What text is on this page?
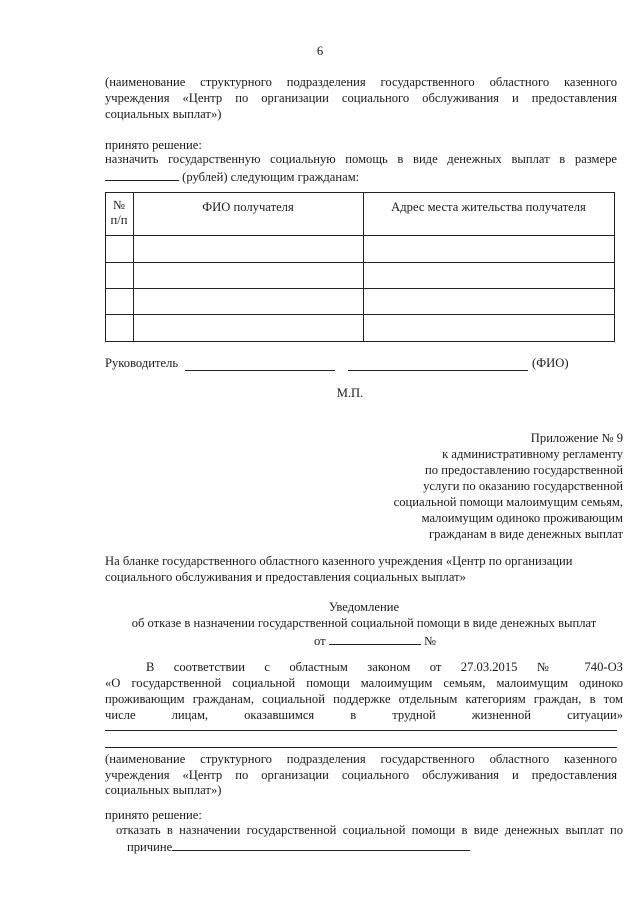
6
(наименование структурного подразделения государственного областного казенного
учреждения «Центр по организации социального обслуживания и предоставления
социальных выплат»)
принято решение:
назначить государственную социальную помощь в виде денежных выплат в размере
(рублей) следующим гражданам:
№
п/п
ФИО получателя	Адрес места жительства получателя
Руководитель	(ФИО)
М.П.
Приложение № 9
к административному регламенту
по предоставлению государственной
услуги по оказанию государственной
социальной помощи малоимущим семьям,
малоимущим одиноко проживающим
гражданам в виде денежных выплат
На бланке государственного областного казенного учреждения «Центр по организации
социального обслуживания и предоставления социальных выплат»
Уведомление
об отказе в назначении государственной социальной помощи в виде денежных выплат
от	№
В соответствии с областным законом от 27.03.2015 № 740-ОЗ
«О государственной социальной помощи малоимущим семьям, малоимущим одиноко
проживающим гражданам, социальной поддержке отдельным категориям граждан, в том
числе лицам, оказавшимся в трудной жизненной ситуации»
(наименование структурного подразделения государственного областного казенного
учреждения «Центр по организации социального обслуживания и предоставления
социальных выплат»)
принято решение:
отказать в назначении государственной социальной помощи в виде денежных выплат по
причине
